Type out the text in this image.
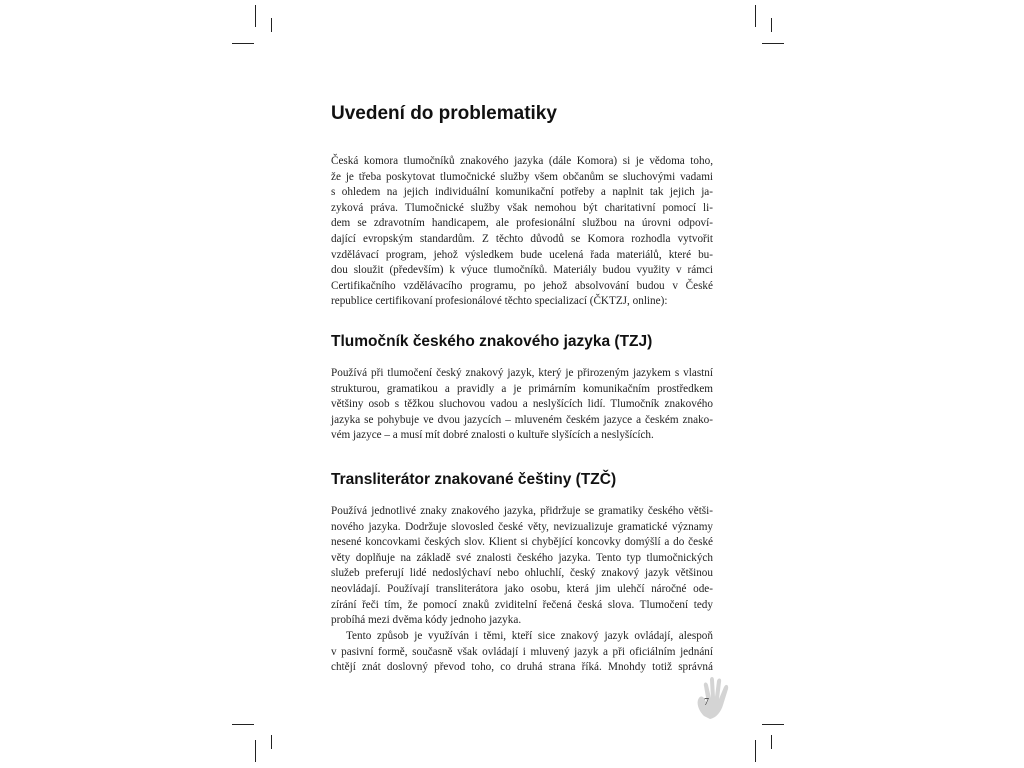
Uvedení do problematiky
Česká komora tlumočníků znakového jazyka (dále Komora) si je vědoma toho,
že je třeba poskytovat tlumočnické služby všem občanům se sluchovými vadami
s ohledem na jejich individuální komunikační potřeby a naplnit tak jejich ja-
zyková práva. Tlumočnické služby však nemohou být charitativní pomocí li-
dem se zdravotním handicapem, ale profesionální službou na úrovni odpoví-
dající evropským standardům. Z těchto důvodů se Komora rozhodla vytvořit
vzdělávací program, jehož výsledkem bude ucelená řada materiálů, které bu-
dou sloužit (především) k výuce tlumočníků. Materiály budou využity v rámci
Certifikačního vzdělávacího programu, po jehož absolvování budou v České
republice certifikovaní profesionálové těchto specializací (ČKTZJ, online):
Tlumočník českého znakového jazyka (TZJ)
Používá při tlumočení český znakový jazyk, který je přirozeným jazykem s vlastní
strukturou, gramatikou a pravidly a je primárním komunikačním prostředkem
většiny osob s těžkou sluchovou vadou a neslyšících lidí. Tlumočník znakového
jazyka se pohybuje ve dvou jazycích – mluveném českém jazyce a českém znako-
vém jazyce – a musí mít dobré znalosti o kultuře slyšících a neslyšících.
Transliterátor znakované češtiny (TZČ)
Používá jednotlivé znaky znakového jazyka, přidržuje se gramatiky českého větši-
nového jazyka. Dodržuje slovosled české věty, nevizualizuje gramatické významy
nesené koncovkami českých slov. Klient si chybějící koncovky domýšlí a do české
věty doplňuje na základě své znalosti českého jazyka. Tento typ tlumočnických
služeb preferují lidé nedoslýchaví nebo ohluchlí, český znakový jazyk většinou
neovládají. Používají transliterátora jako osobu, která jim ulehčí náročné ode-
zírání řeči tím, že pomocí znaků zviditelní řečená česká slova. Tlumočení tedy
probíhá mezi dvěma kódy jednoho jazyka.
Tento způsob je využíván i těmi, kteří sice znakový jazyk ovládají, alespoň
v pasivní formě, současně však ovládají i mluvený jazyk a při oficiálním jednání
chtějí znát doslovný převod toho, co druhá strana říká. Mnohdy totiž správná
7
